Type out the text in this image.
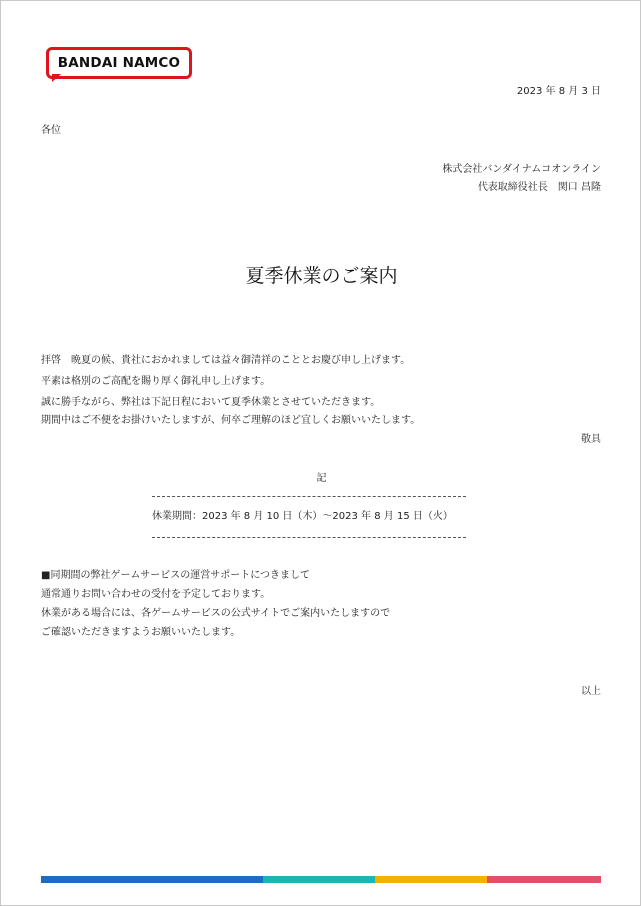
BANDAI NAMCO
2023 年 8 月 3 日
各位
株式会社バンダイナムコオンライン
代表取締役社長　関口 昌隆
夏季休業のご案内
拝啓　晩夏の候、貴社におかれましては益々御清祥のこととお慶び申し上げます。
平素は格別のご高配を賜り厚く御礼申し上げます。
誠に勝手ながら、弊社は下記日程において夏季休業とさせていただきます。
期間中はご不便をお掛けいたしますが、何卒ご理解のほど宜しくお願いいたします。
敬具
記
休業期間：2023 年 8 月 10 日（木）～2023 年 8 月 15 日（火）
■同期間の弊社ゲームサービスの運営サポートにつきまして
通常通りお問い合わせの受付を予定しております。
休業がある場合には、各ゲームサービスの公式サイトでご案内いたしますので
ご確認いただきますようお願いいたします。
以上
